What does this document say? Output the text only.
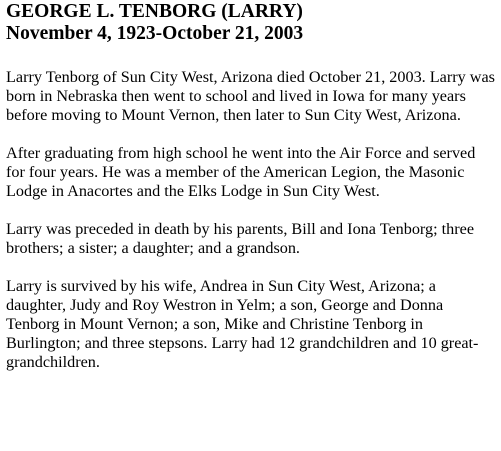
GEORGE L. TENBORG (LARRY)
November 4, 1923-October 21, 2003

Larry Tenborg of Sun City West, Arizona died October 21, 2003. Larry was born in Nebraska then went to school and lived in Iowa for many years before moving to Mount Vernon, then later to Sun City West, Arizona.

After graduating from high school he went into the Air Force and served for four years. He was a member of the American Legion, the Masonic Lodge in Anacortes and the Elks Lodge in Sun City West.

Larry was preceded in death by his parents, Bill and Iona Tenborg; three brothers; a sister; a daughter; and a grandson.

Larry is survived by his wife, Andrea in Sun City West, Arizona; a daughter, Judy and Roy Westron in Yelm; a son, George and Donna Tenborg in Mount Vernon; a son, Mike and Christine Tenborg in Burlington; and three stepsons. Larry had 12 grandchildren and 10 great-grandchildren.
